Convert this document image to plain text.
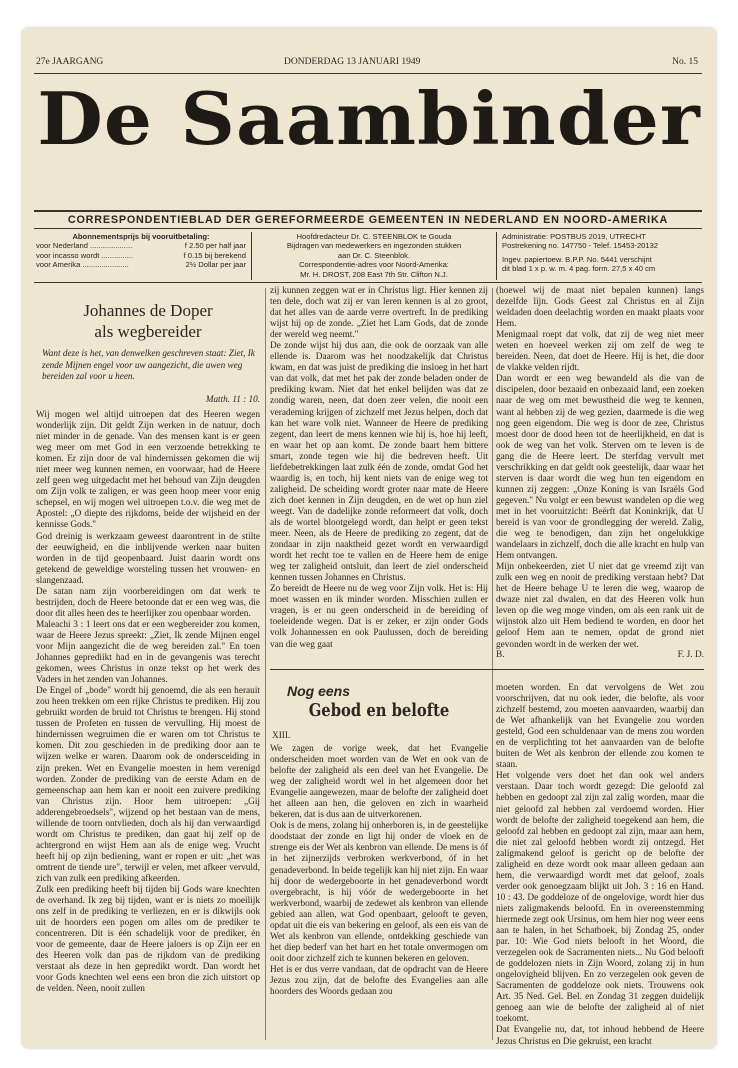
27e JAARGANG	DONDERDAG 13 JANUARI 1949	No. 15
De Saambinder
CORRESPONDENTIEBLAD DER GEREFORMEERDE GEMEENTEN IN NEDERLAND EN NOORD-AMERIKA
Abonnementsprijs bij vooruitbetaling:
voor Nederland ....................	f 2.50 per half jaar
voor incasso wordt ...............	f 0.15 bij berekend
voor Amerika ......................	2½ Dollar per jaar
Hoofdredacteur Dr. C. STEENBLOK te Gouda
Bijdragen van medewerkers en ingezonden stukken
aan Dr. C. Steenblok.
Correspondentie-adres voor Noord-Amerika:
Mr. H. DROST, 208 East 7th Str. Clifton N.J.
Administratie: POSTBUS 2019, UTRECHT
Postrekening no. 147750 - Telef. 15453-20132
Ingev. papiertoew. B.P.P. No. 5441 verschijnt
dit blad 1 x p. w. m. 4 pag. form. 27,5 x 40 cm
Johannes de Doper
als wegbereider
Want deze is het, van denwelken geschreven staat: Ziet, Ik zende Mijnen engel voor uw aangezicht, die uwen weg bereiden zal voor u heen.
Matth. 11 : 10.

Wij mogen wel altijd uitroepen dat des Heeren wegen wonderlijk zijn. Dit geldt Zijn werken in de natuur, doch niet minder in de genade. Van des mensen kant is er geen weg meer om met God in een verzoende betrekking te komen. Er zijn door de val hindernissen gekomen die wij niet meer weg kunnen nemen, en voorwaar, had de Heere zelf geen weg uitgedacht met het behoud van Zijn deugden om Zijn volk te zaligen, er was geen hoop meer voor enig schepsel, en wij mogen wel uitroepen t.o.v. die weg met de Apostel: „O diepte des rijkdoms, beide der wijsheid en der kennisse Gods."

God dreinig is werkzaam geweest daarontrent in de stilte der eeuwigheid, en die inblijvende werken naar buiten worden in de tijd geopenbaard. Juist daarin wordt ons getekend de geweldige worsteling tussen het vrouwen- en slangenzaad.

De satan nam zijn voorbereidingen om dat werk te bestrijden, doch de Heere betoonde dat er een weg was, die door dit alles heen des te heerlijker zou openbaar worden.

Maleachi 3 : 1 leert ons dat er een wegbereider zou komen, waar de Heere Jezus spreekt: „Ziet, Ik zende Mijnen engel voor Mijn aangezicht die de weg bereiden zal." En toen Johannes geprediikt had en in de gevangenis was terecht gekomen, wees Christus in onze tekst op het werk des Vaders in het zenden van Johannes.

De Engel of „bode" wordt hij genoemd, die als een herauit zou heen trekken om een rijke Christus te prediken. Hij zou gebruikt worden de bruid tot Christus te brengen. Hij stond tussen de Profeten en tussen de vervulling. Hij moest de hindernissen wegruimen die er waren om tot Christus te komen. Dit zou geschieden in de prediking door aan te wijzen welke er waren. Daarom ook de ondersceiding in zijn preken. Wet en Evangelie moesten in hem verenigd worden. Zonder de prediking van de eerste Adam en de gemeenschap aan hem kan er nooit een zuivere prediking van Christus zijn. Hoor hem uitroepen: „Gij adderengebroedsels", wijzend op het bestaan van de mens, willende de toorn ontvlieden, doch als hij dan verwaardigd wordt om Christus te prediken, dan gaat hij zelf op de achtergrond en wijst Hem aan als de enige weg. Vrucht heeft hij op zijn bediening, want er ropen er uit: „het was omtrent de tiende ure", terwijl er velen, met afkeer vervuld, zich van zulk een prediking afkeerden.

Zulk een prediking heeft bij tijden bij Gods ware knechten de overhand. Ik zeg bij tijden, want er is niets zo moeilijk ons zelf in de prediking te verliezen, en er is dikwijls ook uit de hoorders een pogen om alles om de prediker te concentreren. Dit is één schadelijk voor de prediker, én voor de gemeente, daar de Heere jaloers is op Zijn eer en des Heeren volk dan pas de rijkdom van de prediking verstaat als deze in hen gepredikt wordt. Dan wordt het voor Gods knechten wel eens een bron die zich uitstort op de velden. Neen, nooit zullen

zij kunnen zeggen wat er in Christus ligt. Hier kennen zij ten dele, doch wat zij er van leren kennen is al zo groot, dat het alles van de aarde verre overtreft. In de prediking wijst hij op de zonde. „Ziet het Lam Gods, dat de zonde der wereld weg neemt."

De zonde wijst hij dus aan, die ook de oorzaak van alle ellende is. Daarom was het noodzakelijk dat Christus kwam, en dat was juist de prediking die insloeg in het hart van dat volk, dat met het pak der zonde beladen onder de prediking kwam. Niet dat het enkel belijden was dat ze zondig waren, neen, dat doen zeer velen, die nooit een verademing krijgen of zichzelf met Jezus helpen, doch dat kan het ware volk niet. Wanneer de Heere de prediking zegent, dan leert de mens kennen wie hij is, hoe hij leeft, en waar het op aan komt. De zonde baart hem bittere smart, zonde tegen wie hij die bedreven heeft. Uit liefdebetrekkingen laat zulk één de zonde, omdat God het waardig is, en toch, hij kent niets van de enige weg tot zaligheid. De scheiding wordt groter naar mate de Heere zich doet kennen in Zijn deugden, en de wet op hun ziel weegt. Van de dadelijke zonde reformeert dat volk, doch als de wortel blootgelegd wordt, dan helpt er geen tekst meer. Neen, als de Heere de prediking zo zegent, dat de zondaar in zijn naaktheid gezet wordt en verwaardigd wordt het recht toe te vallen en de Heere hem de enige weg ter zaligheid ontsluit, dan leert de ziel onderscheid kennen tussen Johannes en Christus.

Zo bereidt de Heere nu de weg voor Zijn volk. Het is: Hij moet wassen en ik minder worden. Misschien zullen er vragen, is er nu geen onderscheid in de bereiding of toeleidende wegen. Dat is er zeker, er zijn onder Gods volk Johannessen en ook Paulussen, doch de bereiding van die weg gaat

(hoewel wij de maat niet bepalen kunnen) langs dezelfde lijn. Gods Geest zal Christus en al Zijn weldaden doen deelachtig worden en maakt plaats voor Hem.

Menigmaal roept dat volk, dat zij de weg niet meer weten en hoeveel werken zij om zelf de weg te bereiden. Neen, dat doet de Heere. Hij is het, die door de vlakke velden rijdt.

Dan wordt er een weg bewandeld als die van de discipelen, door bezaaid en onbezaaid land, een zoeken naar de weg om met bewustheid die weg te kennen, want al hebben zij de weg gezien, daarmede is die weg nog geen eigendom. Die weg is door de zee, Christus moest door de dood heen tot de heerlijkheid, en dat is ook de weg van het volk. Sterven om te leven is de gang die de Heere leert. De sterfdag vervult met verschrikking en dat geldt ook geestelijk, daar waar het sterven is daar wordt die weg hun ten eigendom en kunnen zij zeggen: „Onze Koning is van Israëls God gegeven." Nu volgt er een bewust wandelen op die weg met in het vooruitzicht: Beërft dat Koninkrijk, dat U bereid is van voor de grondlegging der wereld. Zalig, die weg te benodigen, dan zijn het ongelukkige wandelaars in zichzelf, doch die alle kracht en hulp van Hem ontvangen.

Mijn onbekeerden, ziet U niet dat ge vreemd zijt van zulk een weg en nooit de prediking verstaan hebt? Dat het de Heere behage U te leren die weg, waarop de dwaze niet zal dwalen, en dat des Heeren volk hun leven op die weg moge vinden, om als een rank uit de wijnstok alzo uit Hem bediend te worden, en door het geloof Hem aan te nemen, opdat de grond niet gevonden wordt in de werken der wet.

B.	F. J. D.
Nog eens
Gebod en belofte
XIII.

We zagen de vorige week, dat het Evangelie onderscheiden moet worden van de Wet en ook van de belofte der zaligheid als een deel van het Evangelie. De weg der zaligheid wordt wel in het algemeen door het Evangelie aangewezen, maar de belofte der zaligheid doet het alleen aan hen, die geloven en zich in waarheid bekeren, dat is dus aan de uitverkorenen.

Ook is de mens, zolang hij onherboren is, in de geestelijke doodstaat der zonde en ligt hij onder de vloek en de strenge eis der Wet als kenbron van ellende. De mens is óf in het zijnerzijds verbroken werkverbond, óf in het genadeverbond. In beide tegelijk kan hij niet zijn. En waar hij door de wedergeboorte in het genadeverbond wordt overgebracht, is hij vóór de wedergeboorte in het werkverbond, waarbij de zedewet als kenbron van ellende gebied aan allen, wat God openbaart, gelooft te geven, opdat uit die eis van bekering en geloof, als een eis van de Wet als kenbron van ellende, ontdekking geschiede van het diep bederf van het hart en het totale onvermogen om ooit door zichzelf zich te kunnen bekeren en geloven.

Het is er dus verre vandaan, dat de opdracht van de Heere Jezus zou zijn, dat de belofte des Evangelies aan alle hoorders des Woords gedaan zou

moeten worden. En dat vervolgens de Wet zou voorschrijven, dat nu ook ieder, die belofte, als voor zichzelf bestemd, zou moeten aanvaarden, waarbij dan de Wet afhankelijk van het Evangelie zou worden gesteld, God een schuldenaar van de mens zou worden en de verplichting tot het aanvaarden van de belofte buiten de Wet als kenbron der ellende zou komen te staan.

Het volgende vers doet het dan ook wel anders verstaan. Daar toch wordt gezegd: Die geloofd zal hebben en gedoopt zal zijn zal zalig worden, maar die niet geloofd zal hebben zal verdoemd worden. Hier wordt de belofte der zaligheid toegekend aan hem, die geloofd zal hebben en gedoopt zal zijn, maar aan hem, die niet zal geloofd hebben wordt zij ontzegd. Het zaligmakend geloof is gericht op de belofte der zaligheid en deze wordt ook maar alleen gedaan aan hem, die verwaardigd wordt met dat geloof, zoals verder ook genoegzaam blijkt uit Joh. 3 : 16 en Hand. 10 : 43. De goddeloze of de ongelovige, wordt hier dus niets zaligmakends beloofd. En in overeenstemming hiermede zegt ook Ursinus, om hem hier nog weer eens aan te halen, in het Schatboek, bij Zondag 25, onder par. 10: Wie God niets belooft in het Woord, die verzegelen ook de Sacramenten niets... Nu God belooft de goddelozen niets in Zijn Woord, zolang zij in hun ongelovigheid blijven. En zo verzegelen ook geven de Sacramenten de goddeloze ook niets. Trouwens ook Art. 35 Ned. Gel. Bel. en Zondag 31 zeggen duidelijk genoeg aan wie de belofte der zaligheid al of niet toekomt.

Dat Evangelie nu, dat, tot inhoud hebbend de Heere Jezus Christus en Die gekruist, een kracht
